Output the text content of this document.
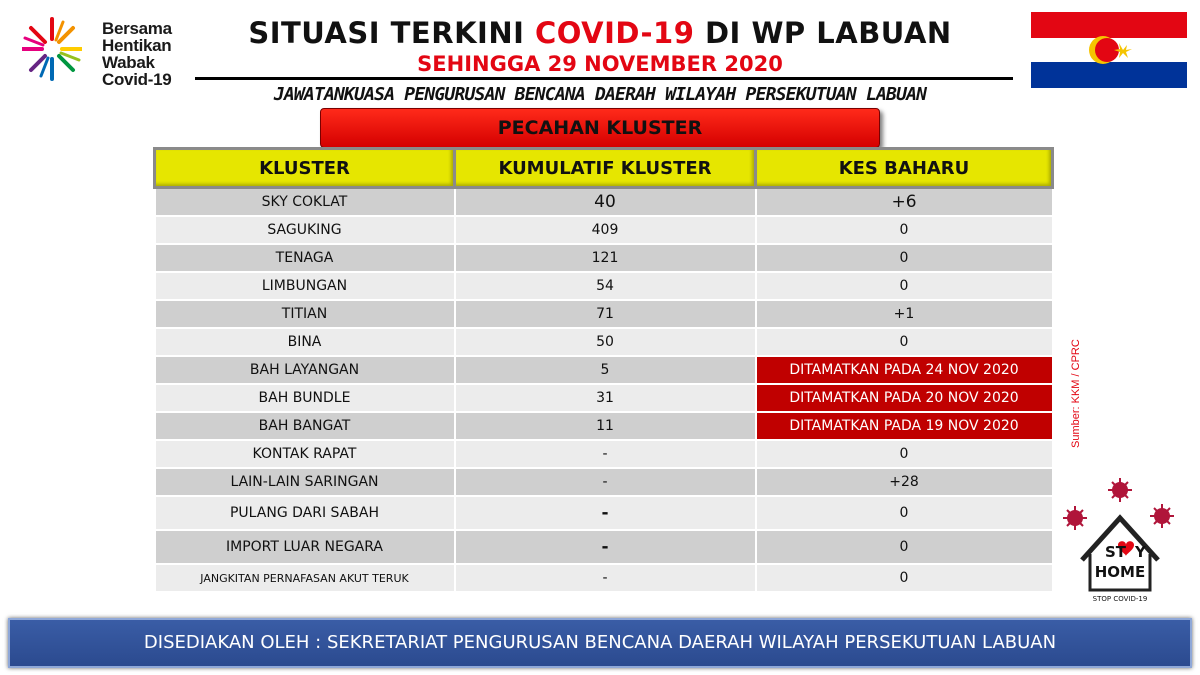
Bersama
Hentikan
Wabak
Covid-19
SITUASI TERKINI COVID-19 DI WP LABUAN
SEHINGGA 29 NOVEMBER 2020
JAWATANKUASA PENGURUSAN BENCANA DAERAH WILAYAH PERSEKUTUAN LABUAN
PECAHAN KLUSTER
KLUSTER	KUMULATIF KLUSTER	KES BAHARU
SKY COKLAT	40	+6
SAGUKING	409	0
TENAGA	121	0
LIMBUNGAN	54	0
TITIAN	71	+1
BINA	50	0
BAH LAYANGAN	5	DITAMATKAN PADA 24 NOV 2020
BAH BUNDLE	31	DITAMATKAN PADA 20 NOV 2020
BAH BANGAT	11	DITAMATKAN PADA 19 NOV 2020
KONTAK RAPAT	-	0
LAIN-LAIN SARINGAN	-	+28
PULANG DARI SABAH	-	0
IMPORT LUAR NEGARA	-	0
JANGKITAN PERNAFASAN AKUT TERUK	-	0
Sumber: KKM / CPRC
ST Y
HOME
STOP COVID-19
DISEDIAKAN OLEH : SEKRETARIAT PENGURUSAN BENCANA DAERAH WILAYAH PERSEKUTUAN LABUAN
